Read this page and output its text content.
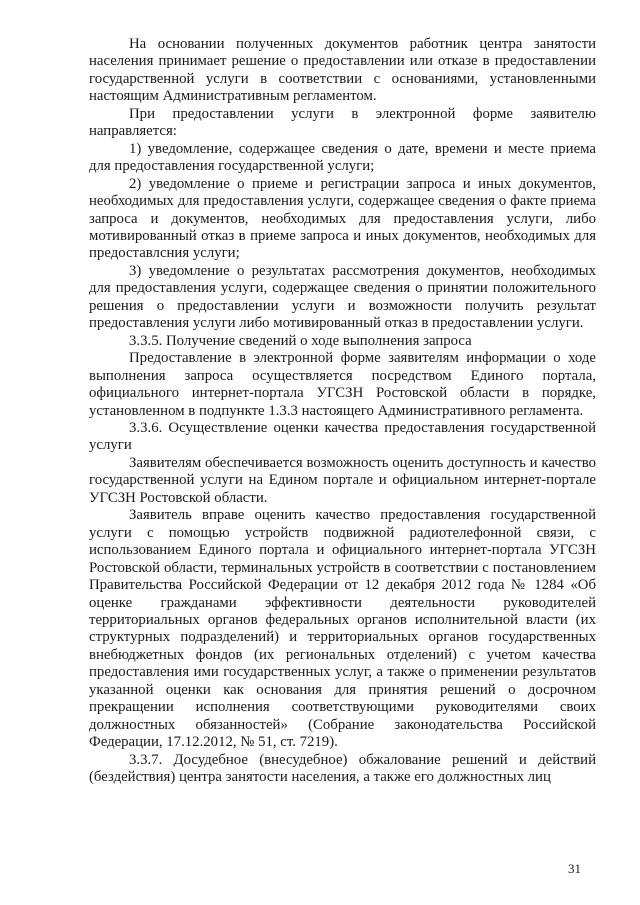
На основании полученных документов работник центра занятости населения принимает решение о предоставлении или отказе в предоставлении государственной услуги в соответствии с основаниями, установленными настоящим Административным регламентом.

При предоставлении услуги в электронной форме заявителю направляется:

1) уведомление, содержащее сведения о дате, времени и месте приема для предоставления государственной услуги;

2) уведомление о приеме и регистрации запроса и иных документов, необходимых для предоставления услуги, содержащее сведения о факте приема запроса и документов, необходимых для предоставления услуги, либо мотивированный отказ в приеме запроса и иных документов, необходимых для предоставлсния услуги;

3) уведомление о результатах рассмотрения документов, необходимых для предоставления услуги, содержащее сведения о принятии положительного решения о предоставлении услуги и возможности получить результат предоставления услуги либо мотивированный отказ в предоставлении услуги.

3.3.5. Получение сведений о ходе выполнения запроса

Предоставление в электронной форме заявителям информации о ходе выполнения запроса осуществляется посредством Единого портала, официального интернет-портала УГСЗН Ростовской области в порядке, установленном в подпункте 1.3.3 настоящего Административного регламента.

3.3.6. Осуществление оценки качества предоставления государственной услуги

Заявителям обеспечивается возможность оценить доступность и качество государственной услуги на Едином портале и официальном интернет-портале УГСЗН Ростовской области.

Заявитель вправе оценить качество предоставления государственной услуги с помощью устройств подвижной радиотелефонной связи, с использованием Единого портала и официального интернет-портала УГСЗН Ростовской области, терминальных устройств в соответствии с постановлением Правительства Российской Федерации от 12 декабря 2012 года № 1284 «Об оценке гражданами эффективности деятельности руководителей территориальных органов федеральных органов исполнительной власти (их структурных подразделений) и территориальных органов государственных внебюджетных фондов (их региональных отделений) с учетом качества предоставления ими государственных услуг, а также о применении результатов указанной оценки как основания для принятия решений о досрочном прекращении исполнения соответствующими руководителями своих должностных обязанностей» (Собрание законодательства Российской Федерации, 17.12.2012, № 51, ст. 7219).

3.3.7. Досудебное (внесудебное) обжалование решений и действий (бездействия) центра занятости населения, а также его должностных лиц

31
